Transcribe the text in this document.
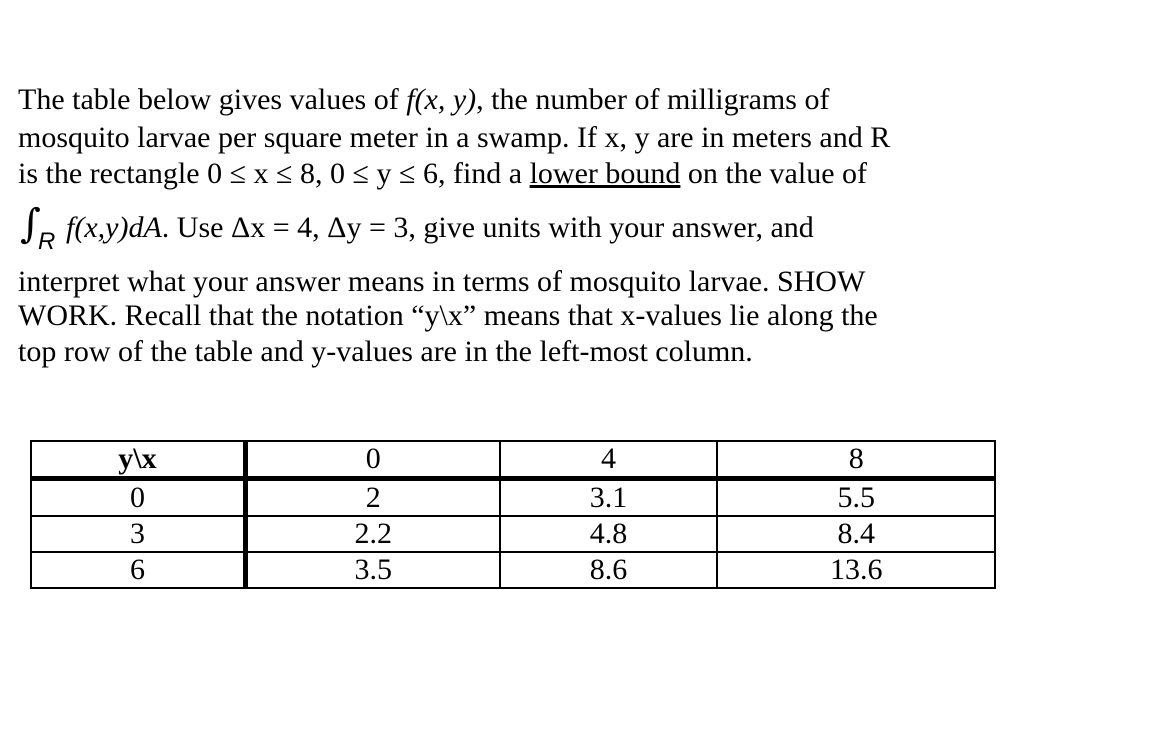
The table below gives values of f(x, y), the number of milligrams of
mosquito larvae per square meter in a swamp. If x, y are in meters and R
is the rectangle 0 ≤ x ≤ 8, 0 ≤ y ≤ 6, find a lower bound on the value of
∫
R f(x,y)dA. Use Δx = 4, Δy = 3, give units with your answer, and
interpret what your answer means in terms of mosquito larvae. SHOW
WORK. Recall that the notation “y\x” means that x-values lie along the
top row of the table and y-values are in the left-most column.
y\x	0	4	8
0	2	3.1	5.5
3	2.2	4.8	8.4
6	3.5	8.6	13.6
